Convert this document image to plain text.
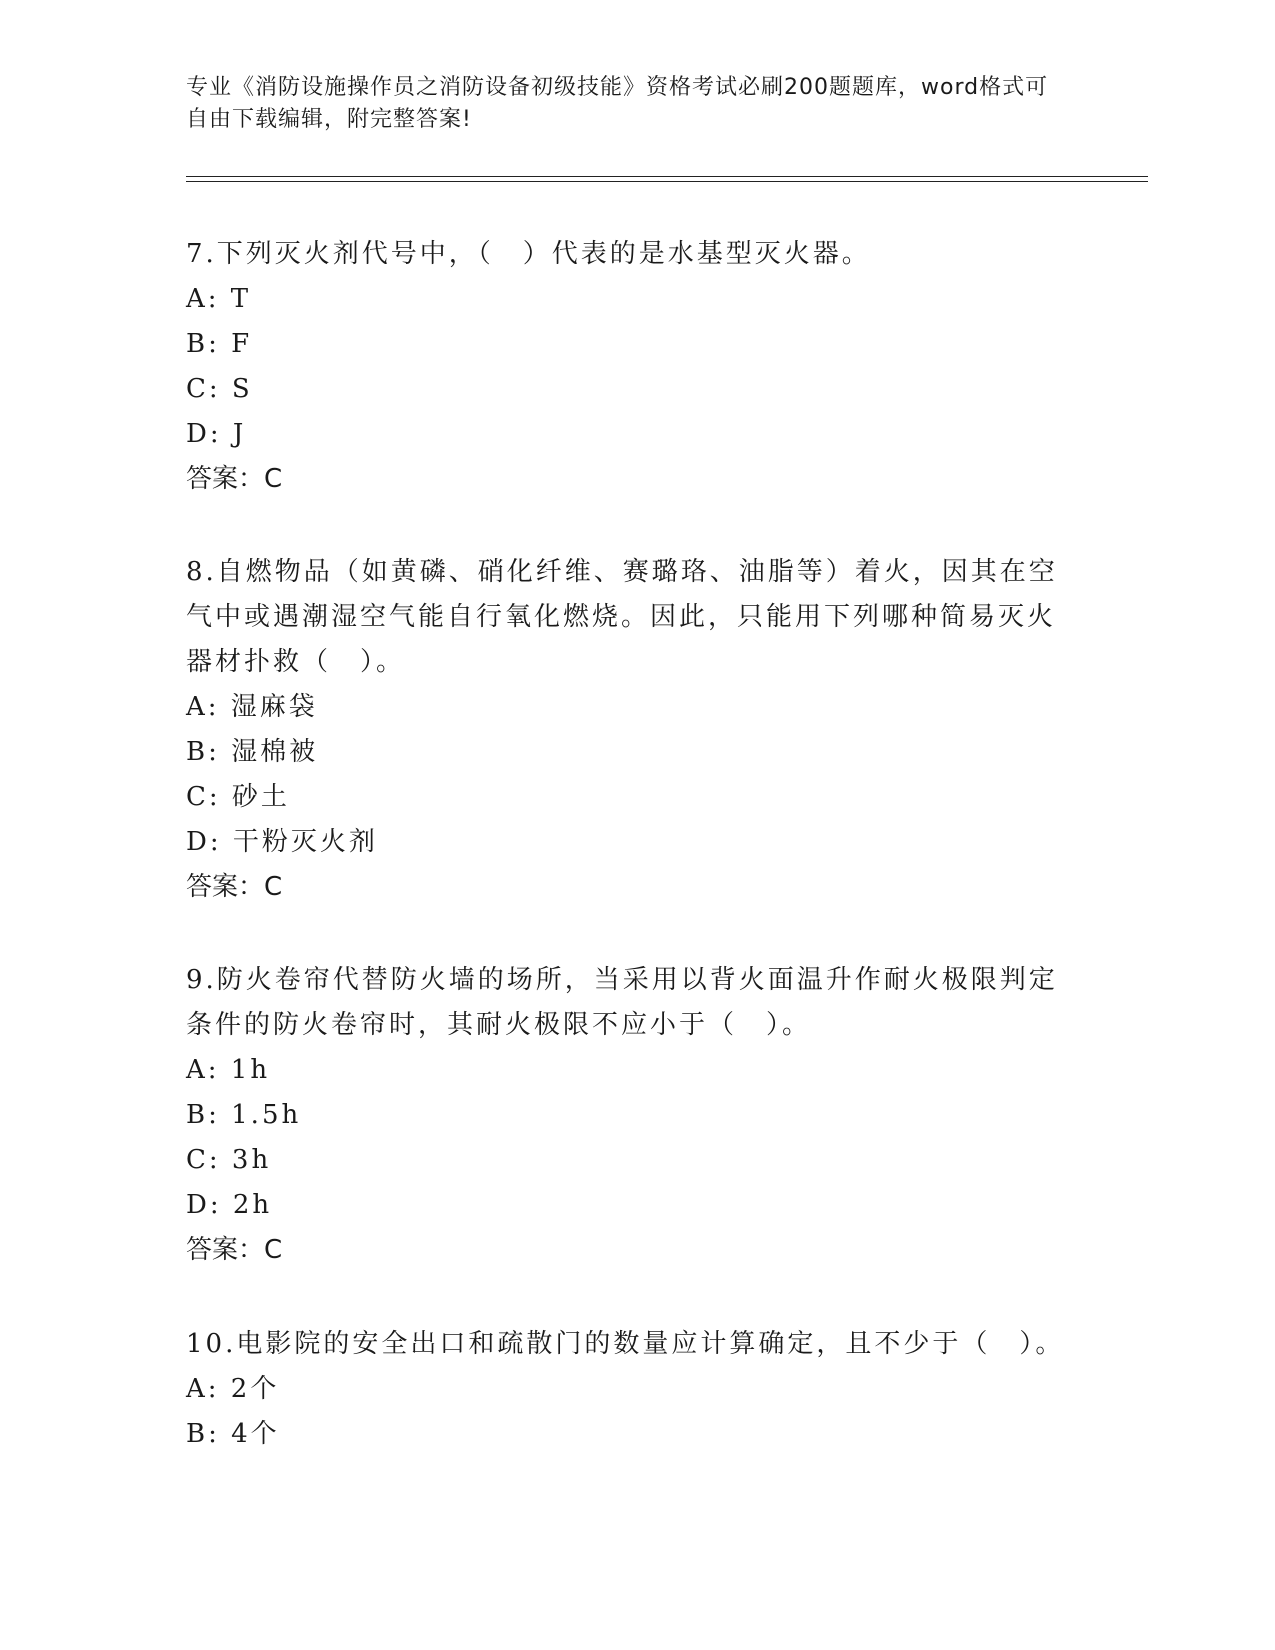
专业《消防设施操作员之消防设备初级技能》资格考试必刷200题题库，word格式可自由下载编辑，附完整答案!

7.下列灭火剂代号中，（　）代表的是水基型灭火器。

A: T

B: F

C: S

D: J

答案：C

8.自燃物品（如黄磷、硝化纤维、赛璐珞、油脂等）着火，因其在空气中或遇潮湿空气能自行氧化燃烧。因此，只能用下列哪种简易灭火器材扑救（　）。

A: 湿麻袋

B: 湿棉被

C: 砂土

D: 干粉灭火剂

答案：C

9.防火卷帘代替防火墙的场所，当采用以背火面温升作耐火极限判定条件的防火卷帘时，其耐火极限不应小于（　）。

A: 1h

B: 1.5h

C: 3h

D: 2h

答案：C

10.电影院的安全出口和疏散门的数量应计算确定，且不少于（　）。

A: 2个

B: 4个
